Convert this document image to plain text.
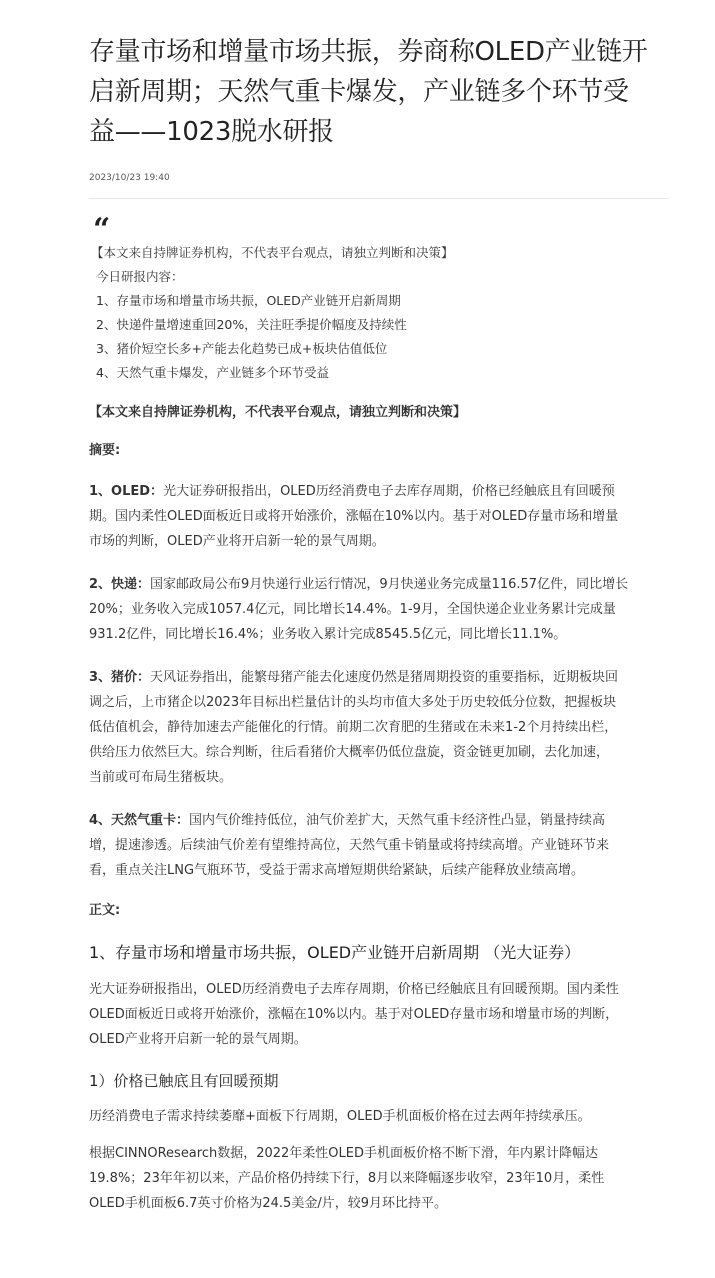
存量市场和增量市场共振，券商称OLED产业链开
启新周期；天然气重卡爆发，产业链多个环节受
益——1023脱水研报
2023/10/23 19:40
“
【本文来自持牌证券机构，不代表平台观点，请独立判断和决策】
今日研报内容：
1、存量市场和增量市场共振，OLED产业链开启新周期
2、快递件量增速重回20%，关注旺季提价幅度及持续性
3、猪价短空长多+产能去化趋势已成+板块估值低位
4、天然气重卡爆发，产业链多个环节受益
【本文来自持牌证券机构，不代表平台观点，请独立判断和决策】
摘要:
1、OLED：光大证券研报指出，OLED历经消费电子去库存周期，价格已经触底且有回暖预
期。国内柔性OLED面板近日或将开始涨价，涨幅在10%以内。基于对OLED存量市场和增量
市场的判断，OLED产业将开启新一轮的景气周期。
2、快递：国家邮政局公布9月快递行业运行情况，9月快递业务完成量116.57亿件，同比增长
20%；业务收入完成1057.4亿元，同比增长14.4%。1-9月，全国快递企业业务累计完成量
931.2亿件，同比增长16.4%；业务收入累计完成8545.5亿元，同比增长11.1%。
3、猪价：天风证券指出，能繁母猪产能去化速度仍然是猪周期投资的重要指标，近期板块回
调之后，上市猪企以2023年目标出栏量估计的头均市值大多处于历史较低分位数，把握板块
低估值机会，静待加速去产能催化的行情。前期二次育肥的生猪或在未来1-2个月持续出栏，
供给压力依然巨大。综合判断，往后看猪价大概率仍低位盘旋，资金链更加刷，去化加速，
当前或可布局生猪板块。
4、天然气重卡：国内气价维持低位，油气价差扩大，天然气重卡经济性凸显，销量持续高
增，提速渗透。后续油气价差有望维持高位，天然气重卡销量或将持续高增。产业链环节来
看，重点关注LNG气瓶环节，受益于需求高增短期供给紧缺，后续产能释放业绩高增。
正文:
1、存量市场和增量市场共振，OLED产业链开启新周期 （光大证券）
光大证券研报指出，OLED历经消费电子去库存周期，价格已经触底且有回暖预期。国内柔性
OLED面板近日或将开始涨价，涨幅在10%以内。基于对OLED存量市场和增量市场的判断，
OLED产业将开启新一轮的景气周期。
1）价格已触底且有回暖预期
历经消费电子需求持续萎靡+面板下行周期，OLED手机面板价格在过去两年持续承压。
根据CINNOResearch数据，2022年柔性OLED手机面板价格不断下滑，年内累计降幅达
19.8%；23年年初以来，产品价格仍持续下行，8月以来降幅逐步收窄，23年10月，柔性
OLED手机面板6.7英寸价格为24.5美金/片，较9月环比持平。
